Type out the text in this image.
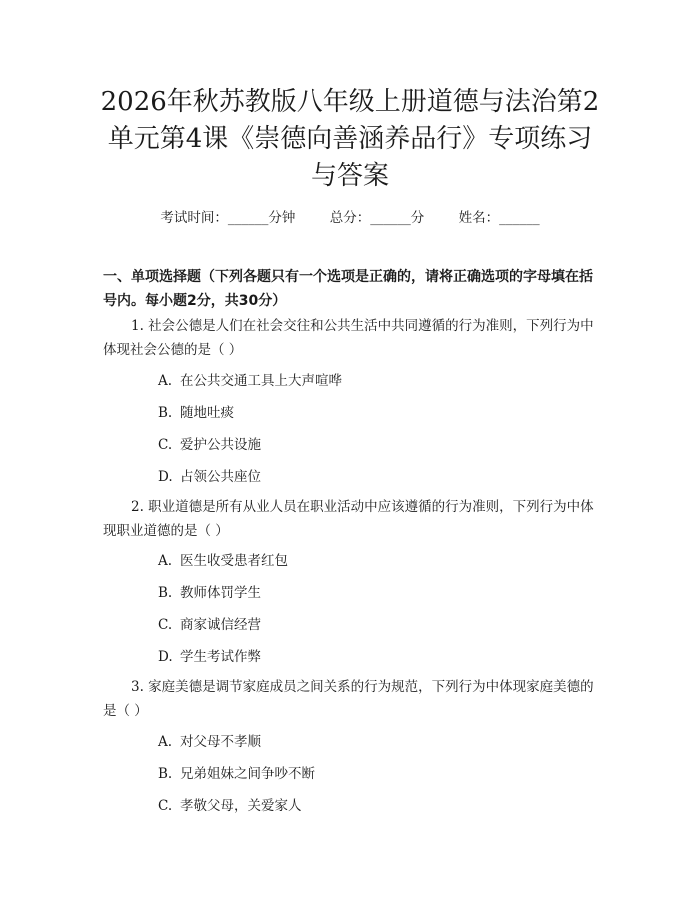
2026年秋苏教版八年级上册道德与法治第2单元第4课《崇德向善涵养品行》专项练习与答案
考试时间：______分钟	总分：______分	姓名：______

一、单项选择题（下列各题只有一个选项是正确的，请将正确选项的字母填在括号内。每小题2分，共30分）

1. 社会公德是人们在社会交往和公共生活中共同遵循的行为准则，下列行为中体现社会公德的是（ ）

A. 在公共交通工具上大声喧哗

B. 随地吐痰

C. 爱护公共设施

D. 占领公共座位

2. 职业道德是所有从业人员在职业活动中应该遵循的行为准则，下列行为中体现职业道德的是（ ）

A. 医生收受患者红包

B. 教师体罚学生

C. 商家诚信经营

D. 学生考试作弊

3. 家庭美德是调节家庭成员之间关系的行为规范，下列行为中体现家庭美德的是（ ）

A. 对父母不孝顺

B. 兄弟姐妹之间争吵不断

C. 孝敬父母，关爱家人
